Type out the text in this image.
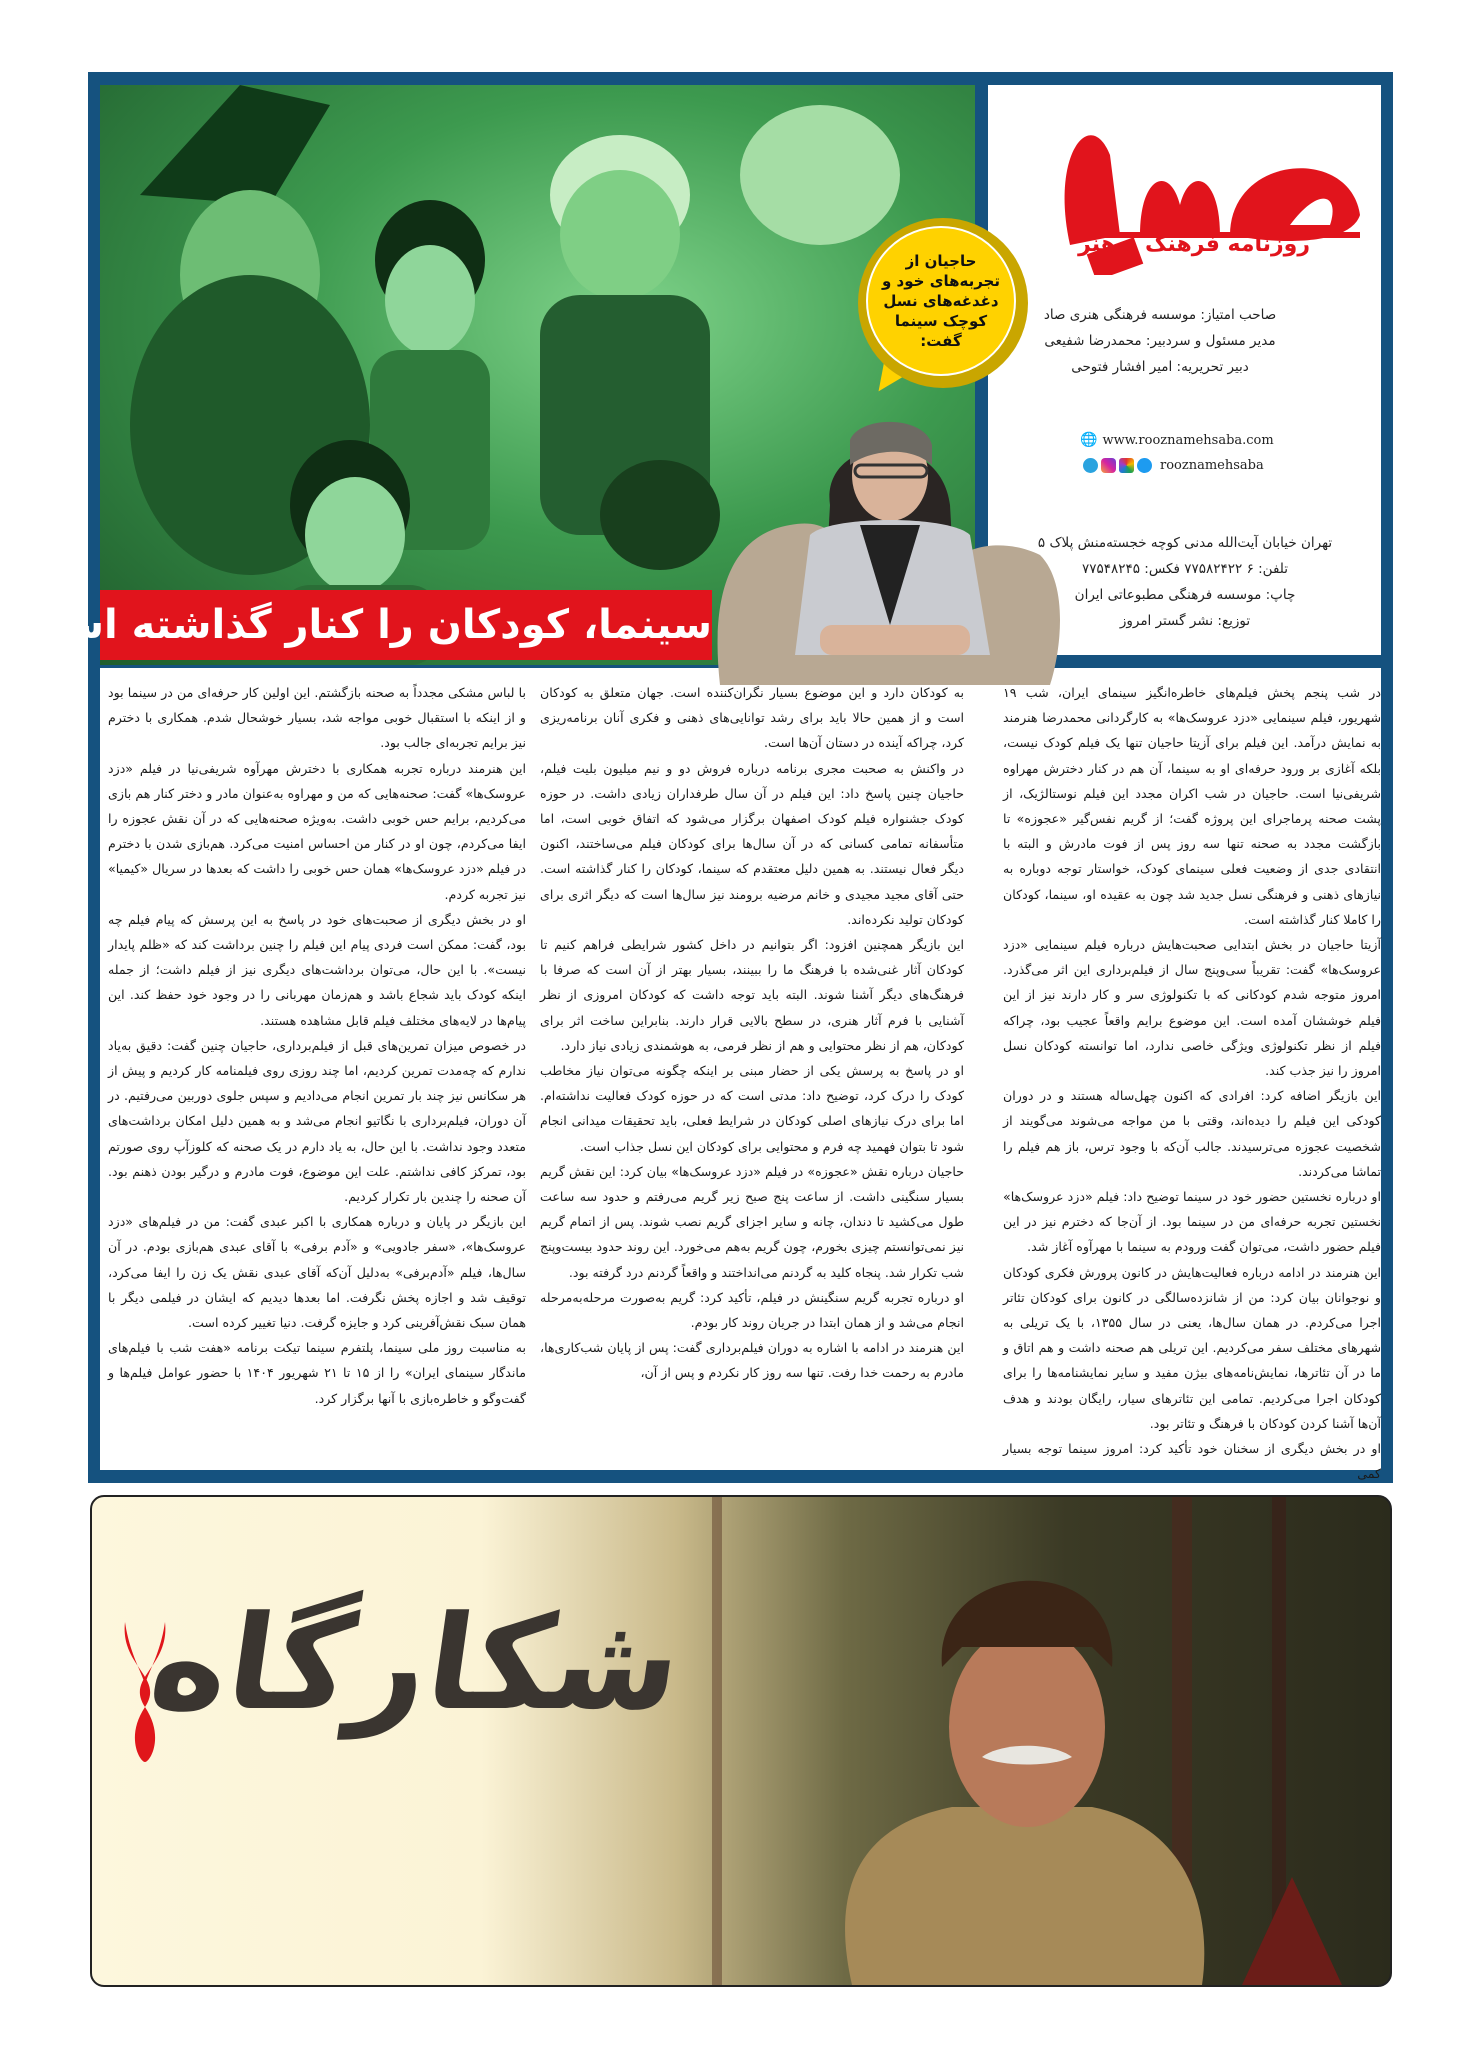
روزنامه فرهنگ و هنر
صاحب امتیاز: موسسه فرهنگی هنری صاد
مدیر مسئول و سردبیر: محمدرضا شفیعی
دبیر تحریریه: امیر افشار فتوحی
🌐 www.rooznamehsaba.com
rooznamehsaba
تهران خیابان آیت‌الله مدنی کوچه خجسته‌منش پلاک ۵
تلفن: ۶ ۷۷۵۸۲۴۲۲ فکس: ۷۷۵۴۸۲۴۵
چاپ: موسسه فرهنگی مطبوعاتی ایران
توزیع: نشر گستر امروز
حاجیان از تجربه‌های خود و دغدغه‌های نسل کوچک سینما گفت:
سینما، کودکان را کنار گذاشته است

در شب پنجم پخش فیلم‌های خاطره‌انگیز سینمای ایران، شب ۱۹ شهریور، فیلم سینمایی «دزد عروسک‌ها» به کارگردانی محمدرضا هنرمند به نمایش درآمد. این فیلم برای آزیتا حاجیان تنها یک فیلم کودک نیست، بلکه آغازی بر ورود حرفه‌ای او به سینما، آن هم در کنار دخترش مهراوه شریفی‌نیا است. حاجیان در شب اکران مجدد این فیلم نوستالژیک، از پشت صحنه پرماجرای این پروژه گفت؛ از گریم نفس‌گیر «عجوزه» تا بازگشت مجدد به صحنه تنها سه روز پس از فوت مادرش و البته با انتقادی جدی از وضعیت فعلی سینمای کودک، خواستار توجه دوباره به نیازهای ذهنی و فرهنگی نسل جدید شد چون به عقیده او، سینما، کودکان را کاملا کنار گذاشته است.

آزیتا حاجیان در بخش ابتدایی صحبت‌هایش درباره فیلم سینمایی «دزد عروسک‌ها» گفت: تقریباً سی‌وپنج سال از فیلم‌برداری این اثر می‌گذرد. امروز متوجه شدم کودکانی که با تکنولوژی سر و کار دارند نیز از این فیلم خوششان آمده است. این موضوع برایم واقعاً عجیب بود، چراکه فیلم از نظر تکنولوژی ویژگی خاصی ندارد، اما توانسته کودکان نسل امروز را نیز جذب کند.

این بازیگر اضافه کرد: افرادی که اکنون چهل‌ساله هستند و در دوران کودکی این فیلم را دیده‌اند، وقتی با من مواجه می‌شوند می‌گویند از شخصیت عجوزه می‌ترسیدند. جالب آن‌که با وجود ترس، باز هم فیلم را تماشا می‌کردند.

او درباره نخستین حضور خود در سینما توضیح داد: فیلم «دزد عروسک‌ها» نخستین تجربه حرفه‌ای من در سینما بود. از آن‌جا که دخترم نیز در این فیلم حضور داشت، می‌توان گفت ورودم به سینما با مهرآوه آغاز شد.

این هنرمند در ادامه درباره فعالیت‌هایش در کانون پرورش فکری کودکان و نوجوانان بیان کرد: من از شانزده‌سالگی در کانون برای کودکان تئاتر اجرا می‌کردم. در همان سال‌ها، یعنی در سال ۱۳۵۵، با یک تریلی به شهرهای مختلف سفر می‌کردیم. این تریلی هم صحنه داشت و هم اتاق و ما در آن تئاترها، نمایش‌نامه‌های بیژن مفید و سایر نمایشنامه‌ها را برای کودکان اجرا می‌کردیم. تمامی این تئاترهای سیار، رایگان بودند و هدف آن‌ها آشنا کردن کودکان با فرهنگ و تئاتر بود.

او در بخش دیگری از سخنان خود تأکید کرد: امروز سینما توجه بسیار کمی

به کودکان دارد و این موضوع بسیار نگران‌کننده است. جهان متعلق به کودکان است و از همین حالا باید برای رشد توانایی‌های ذهنی و فکری آنان برنامه‌ریزی کرد، چراکه آینده در دستان آن‌ها است.

در واکنش به صحبت مجری برنامه درباره فروش دو و نیم میلیون بلیت فیلم، حاجیان چنین پاسخ داد: این فیلم در آن سال طرفداران زیادی داشت. در حوزه کودک جشنواره فیلم کودک اصفهان برگزار می‌شود که اتفاق خوبی است، اما متأسفانه تمامی کسانی که در آن سال‌ها برای کودکان فیلم می‌ساختند، اکنون دیگر فعال نیستند. به همین دلیل معتقدم که سینما، کودکان را کنار گذاشته است. حتی آقای مجید مجیدی و خانم مرضیه برومند نیز سال‌ها است که دیگر اثری برای کودکان تولید نکرده‌اند.

این بازیگر همچنین افزود: اگر بتوانیم در داخل کشور شرایطی فراهم کنیم تا کودکان آثار غنی‌شده با فرهنگ ما را ببینند، بسیار بهتر از آن است که صرفا با فرهنگ‌های دیگر آشنا شوند. البته باید توجه داشت که کودکان امروزی از نظر آشنایی با فرم آثار هنری، در سطح بالایی قرار دارند. بنابراین ساخت اثر برای کودکان، هم از نظر محتوایی و هم از نظر فرمی، به هوشمندی زیادی نیاز دارد.

او در پاسخ به پرسش یکی از حضار مبنی بر اینکه چگونه می‌توان نیاز مخاطب کودک را درک کرد، توضیح داد: مدتی است که در حوزه کودک فعالیت نداشته‌ام. اما برای درک نیازهای اصلی کودکان در شرایط فعلی، باید تحقیقات میدانی انجام شود تا بتوان فهمید چه فرم و محتوایی برای کودکان این نسل جذاب است.

حاجیان درباره نقش «عجوزه» در فیلم «دزد عروسک‌ها» بیان کرد: این نقش گریم بسیار سنگینی داشت. از ساعت پنج صبح زیر گریم می‌رفتم و حدود سه ساعت طول می‌کشید تا دندان، چانه و سایر اجزای گریم نصب شوند. پس از اتمام گریم نیز نمی‌توانستم چیزی بخورم، چون گریم به‌هم می‌خورد. این روند حدود بیست‌وپنج شب تکرار شد. پنجاه کلید به گردنم می‌انداختند و واقعاً گردنم درد گرفته بود.

او درباره تجربه گریم سنگینش در فیلم، تأکید کرد: گریم به‌صورت مرحله‌به‌مرحله انجام می‌شد و از همان ابتدا در جریان روند کار بودم.

این هنرمند در ادامه با اشاره به دوران فیلم‌برداری گفت: پس از پایان شب‌کاری‌ها، مادرم به رحمت خدا رفت. تنها سه روز کار نکردم و پس از آن،

با لباس مشکی مجدداً به صحنه بازگشتم. این اولین کار حرفه‌ای من در سینما بود و از اینکه با استقبال خوبی مواجه شد، بسیار خوشحال شدم. همکاری با دخترم نیز برایم تجربه‌ای جالب بود.

این هنرمند درباره تجربه همکاری با دخترش مهرآوه شریفی‌نیا در فیلم «دزد عروسک‌ها» گفت: صحنه‌هایی که من و مهراوه به‌عنوان مادر و دختر کنار هم بازی می‌کردیم، برایم حس خوبی داشت. به‌ویژه صحنه‌هایی که در آن نقش عجوزه را ایفا می‌کردم، چون او در کنار من احساس امنیت می‌کرد. هم‌بازی شدن با دخترم در فیلم «دزد عروسک‌ها» همان حس خوبی را داشت که بعدها در سریال «کیمیا» نیز تجربه کردم.

او در بخش دیگری از صحبت‌های خود در پاسخ به این پرسش که پیام فیلم چه بود، گفت: ممکن است فردی پیام این فیلم را چنین برداشت کند که «ظلم پایدار نیست». با این حال، می‌توان برداشت‌های دیگری نیز از فیلم داشت؛ از جمله اینکه کودک باید شجاع باشد و هم‌زمان مهربانی را در وجود خود حفظ کند. این پیام‌ها در لایه‌های مختلف فیلم قابل مشاهده هستند.

در خصوص میزان تمرین‌های قبل از فیلم‌برداری، حاجیان چنین گفت: دقیق به‌یاد ندارم که چه‌مدت تمرین کردیم، اما چند روزی روی فیلمنامه کار کردیم و پیش از هر سکانس نیز چند بار تمرین انجام می‌دادیم و سپس جلوی دوربین می‌رفتیم. در آن دوران، فیلم‌برداری با نگاتیو انجام می‌شد و به همین دلیل امکان برداشت‌های متعدد وجود نداشت. با این حال، به یاد دارم در یک صحنه که کلوزآپ روی صورتم بود، تمرکز کافی نداشتم. علت این موضوع، فوت مادرم و درگیر بودن ذهنم بود. آن صحنه را چندین بار تکرار کردیم.

این بازیگر در پایان و درباره همکاری با اکبر عبدی گفت: من در فیلم‌های «دزد عروسک‌ها»، «سفر جادویی» و «آدم برفی» با آقای عبدی هم‌بازی بودم. در آن سال‌ها، فیلم «آدم‌برفی» به‌دلیل آن‌که آقای عبدی نقش یک زن را ایفا می‌کرد، توقیف شد و اجازه پخش نگرفت. اما بعدها دیدیم که ایشان در فیلمی دیگر با همان سبک نقش‌آفرینی کرد و جایزه گرفت. دنیا تغییر کرده است.

به مناسبت روز ملی سینما، پلتفرم سینما تیکت برنامه «هفت شب با فیلم‌های ماندگار سینمای ایران» را از ۱۵ تا ۲۱ شهریور ۱۴۰۴ با حضور عوامل فیلم‌ها و گفت‌وگو و خاطره‌بازی با آنها برگزار کرد.

شکارگاه
